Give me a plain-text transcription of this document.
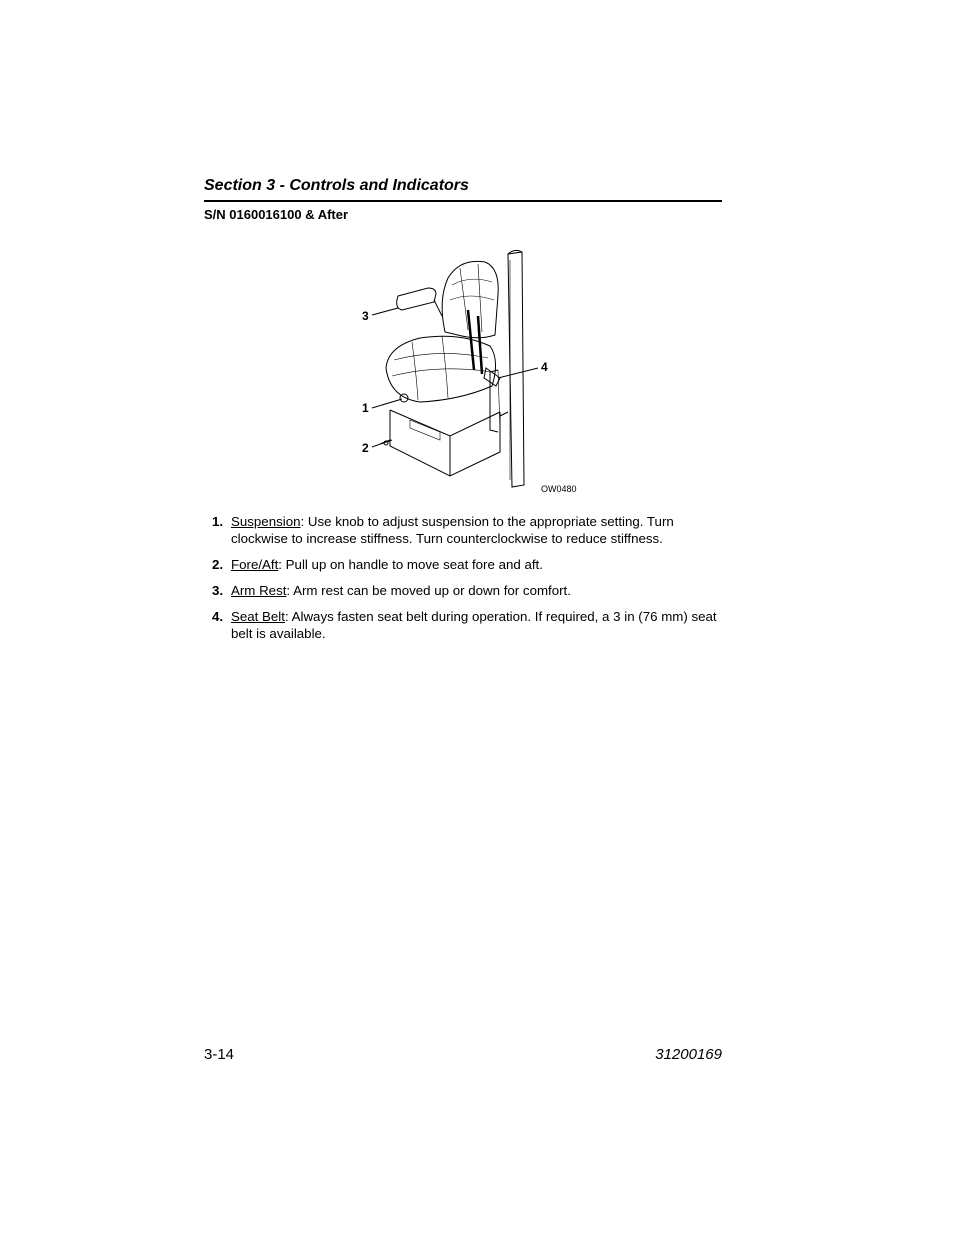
Section 3 - Controls and Indicators
S/N 0160016100 & After
3
1
2
4
OW0480
1. Suspension: Use knob to adjust suspension to the appropriate setting. Turn clockwise to increase stiffness. Turn counterclockwise to reduce stiffness.
2. Fore/Aft: Pull up on handle to move seat fore and aft.
3. Arm Rest: Arm rest can be moved up or down for comfort.
4. Seat Belt: Always fasten seat belt during operation. If required, a 3 in (76 mm) seat belt is available.
3-14	31200169
